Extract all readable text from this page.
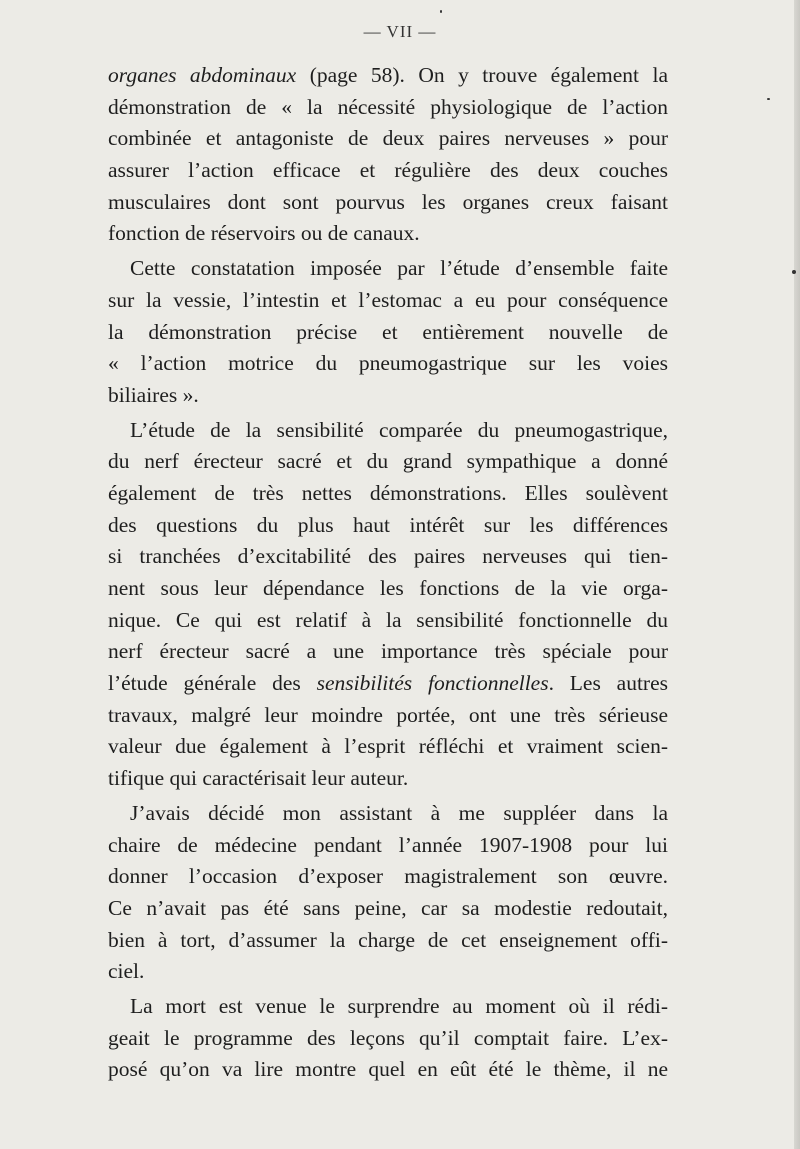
— VII —
organes abdominaux (page 58). On y trouve également la
démonstration de « la nécessité physiologique de l’action
combinée et antagoniste de deux paires nerveuses » pour
assurer l’action efficace et régulière des deux couches
musculaires dont sont pourvus les organes creux faisant
fonction de réservoirs ou de canaux.
Cette constatation imposée par l’étude d’ensemble faite
sur la vessie, l’intestin et l’estomac a eu pour conséquence
la démonstration précise et entièrement nouvelle de
« l’action motrice du pneumogastrique sur les voies
biliaires ».
L’étude de la sensibilité comparée du pneumogastrique,
du nerf érecteur sacré et du grand sympathique a donné
également de très nettes démonstrations. Elles soulèvent
des questions du plus haut intérêt sur les différences
si tranchées d’excitabilité des paires nerveuses qui tien-
nent sous leur dépendance les fonctions de la vie orga-
nique. Ce qui est relatif à la sensibilité fonctionnelle du
nerf érecteur sacré a une importance très spéciale pour
l’étude générale des sensibilités fonctionnelles. Les autres
travaux, malgré leur moindre portée, ont une très sérieuse
valeur due également à l’esprit réfléchi et vraiment scien-
tifique qui caractérisait leur auteur.
J’avais décidé mon assistant à me suppléer dans la
chaire de médecine pendant l’année 1907-1908 pour lui
donner l’occasion d’exposer magistralement son œuvre.
Ce n’avait pas été sans peine, car sa modestie redoutait,
bien à tort, d’assumer la charge de cet enseignement offi-
ciel.
La mort est venue le surprendre au moment où il rédi-
geait le programme des leçons qu’il comptait faire. L’ex-
posé qu’on va lire montre quel en eût été le thème, il ne
